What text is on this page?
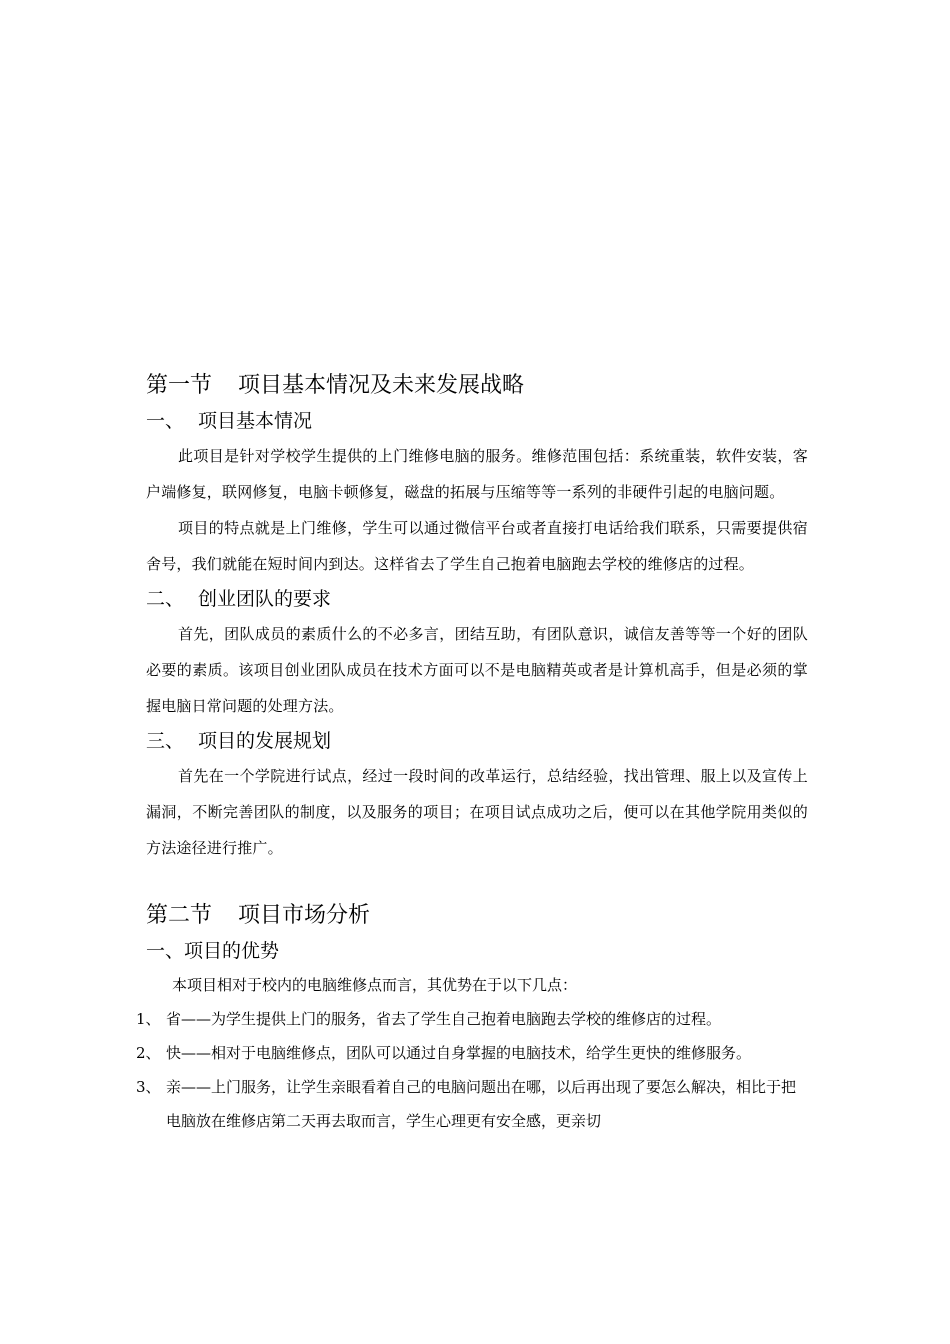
第一节 项目基本情况及未来发展战略
一、 项目基本情况

此项目是针对学校学生提供的上门维修电脑的服务。维修范围包括：系统重装，软件安装，客户端修复，联网修复，电脑卡顿修复，磁盘的拓展与压缩等等一系列的非硬件引起的电脑问题。

项目的特点就是上门维修，学生可以通过微信平台或者直接打电话给我们联系，只需要提供宿舍号，我们就能在短时间内到达。这样省去了学生自己抱着电脑跑去学校的维修店的过程。

二、 创业团队的要求

首先，团队成员的素质什么的不必多言，团结互助，有团队意识，诚信友善等等一个好的团队必要的素质。该项目创业团队成员在技术方面可以不是电脑精英或者是计算机高手，但是必须的掌握电脑日常问题的处理方法。

三、 项目的发展规划

首先在一个学院进行试点，经过一段时间的改革运行，总结经验，找出管理、服上以及宣传上漏洞，不断完善团队的制度，以及服务的项目；在项目试点成功之后，便可以在其他学院用类似的方法途径进行推广。

第二节 项目市场分析
一、项目的优势

本项目相对于校内的电脑维修点而言，其优势在于以下几点：

1、 省——为学生提供上门的服务，省去了学生自己抱着电脑跑去学校的维修店的过程。
2、 快——相对于电脑维修点，团队可以通过自身掌握的电脑技术，给学生更快的维修服务。
3、 亲——上门服务，让学生亲眼看着自己的电脑问题出在哪，以后再出现了要怎么解决，相比于把电脑放在维修店第二天再去取而言，学生心理更有安全感，更亲切
